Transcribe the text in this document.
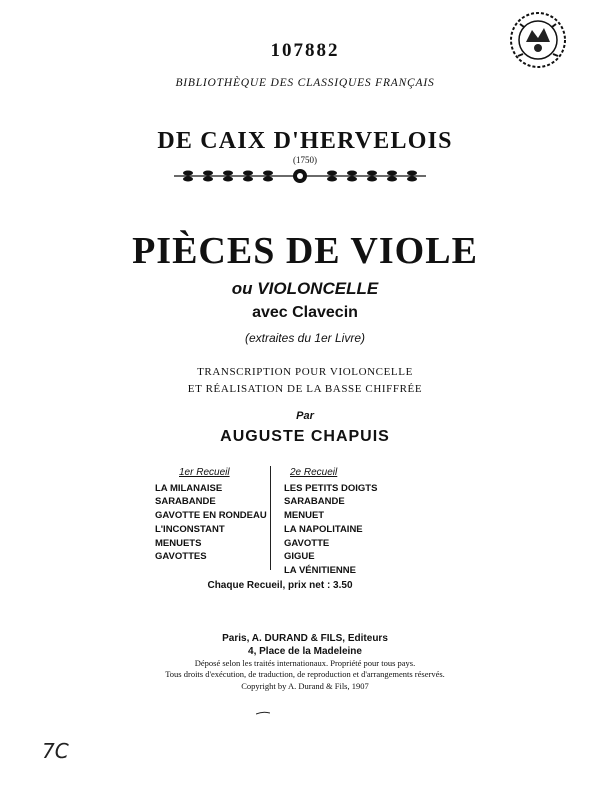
107882
BIBLIOTHÈQUE DES CLASSIQUES FRANÇAIS
DE CAIX D'HERVELOIS
(1750)
PIÈCES DE VIOLE
ou VIOLONCELLE
avec Clavecin
(extraites du 1er Livre)
TRANSCRIPTION POUR VIOLONCELLE
ET RÉALISATION DE LA BASSE CHIFFRÉE
Par
AUGUSTE CHAPUIS
1er Recueil
LA MILANAISE
SARABANDE
GAVOTTE EN RONDEAU
L'INCONSTANT
MENUETS
GAVOTTES
2e Recueil
LES PETITS DOIGTS
SARABANDE
MENUET
LA NAPOLITAINE
GAVOTTE
GIGUE
LA VÉNITIENNE
Chaque Recueil, prix net : 3.50
Paris, A. DURAND & FILS, Editeurs
4, Place de la Madeleine
Déposé selon les traités internationaux. Propriété pour tous pays.
Tous droits d'exécution, de traduction, de reproduction et d'arrangements réservés.
Copyright by A. Durand & Fils, 1907
7C
